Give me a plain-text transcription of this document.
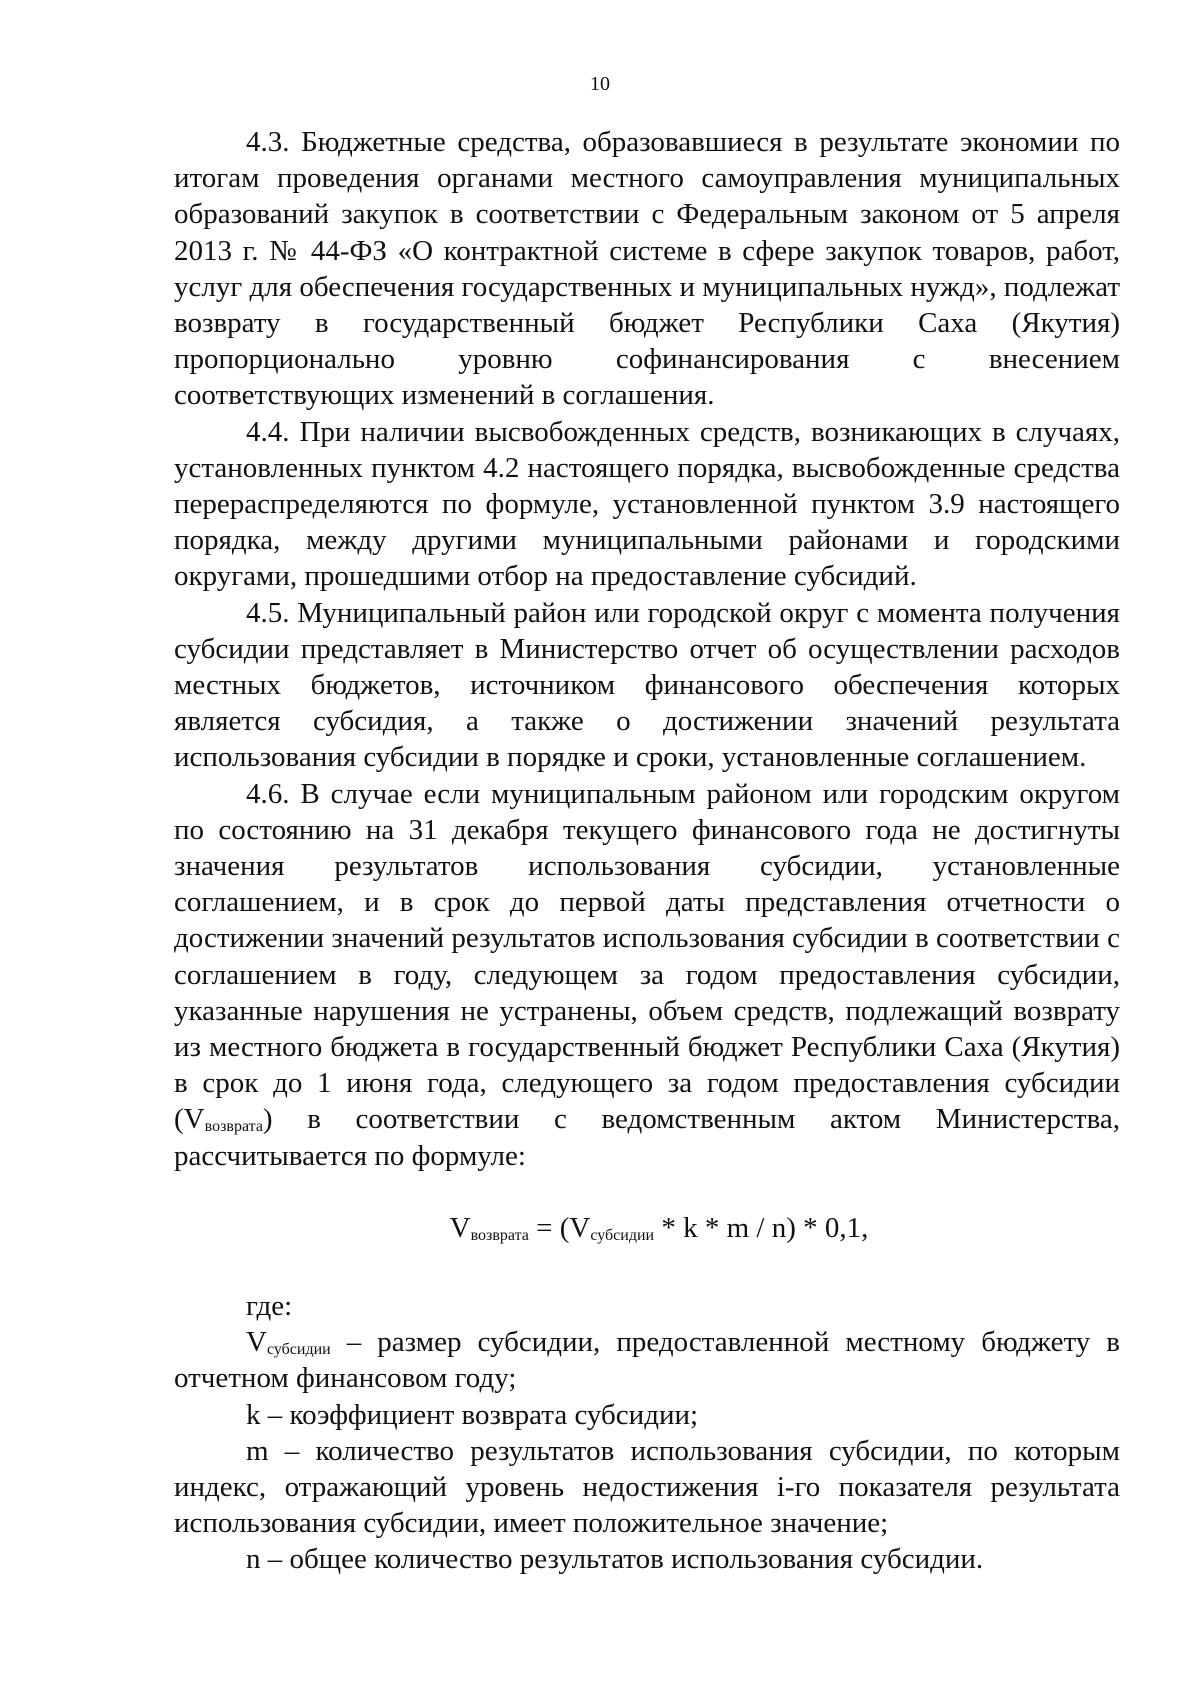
10

4.3. Бюджетные средства, образовавшиеся в результате экономии по итогам проведения органами местного самоуправления муниципальных образований закупок в соответствии с Федеральным законом от 5 апреля 2013 г. № 44-ФЗ «О контрактной системе в сфере закупок товаров, работ, услуг для обеспечения государственных и муниципальных нужд», подлежат возврату в государственный бюджет Республики Саха (Якутия) пропорционально уровню софинансирования с внесением соответствующих изменений в соглашения.

4.4. При наличии высвобожденных средств, возникающих в случаях, установленных пунктом 4.2 настоящего порядка, высвобожденные средства перераспределяются по формуле, установленной пунктом 3.9 настоящего порядка, между другими муниципальными районами и городскими округами, прошедшими отбор на предоставление субсидий.

4.5. Муниципальный район или городской округ с момента получения субсидии представляет в Министерство отчет об осуществлении расходов местных бюджетов, источником финансового обеспечения которых является субсидия, а также о достижении значений результата использования субсидии в порядке и сроки, установленные соглашением.

4.6. В случае если муниципальным районом или городским округом по состоянию на 31 декабря текущего финансового года не достигнуты значения результатов использования субсидии, установленные соглашением, и в срок до первой даты представления отчетности о достижении значений результатов использования субсидии в соответствии с соглашением в году, следующем за годом предоставления субсидии, указанные нарушения не устранены, объем средств, подлежащий возврату из местного бюджета в государственный бюджет Республики Саха (Якутия) в срок до 1 июня года, следующего за годом предоставления субсидии (Vвозврата) в соответствии с ведомственным актом Министерства, рассчитывается по формуле:

Vвозврата = (Vсубсидии * k * m / n) * 0,1,

где:

Vсубсидии – размер субсидии, предоставленной местному бюджету в отчетном финансовом году;

k – коэффициент возврата субсидии;

m – количество результатов использования субсидии, по которым индекс, отражающий уровень недостижения i-го показателя результата использования субсидии, имеет положительное значение;

n – общее количество результатов использования субсидии.
